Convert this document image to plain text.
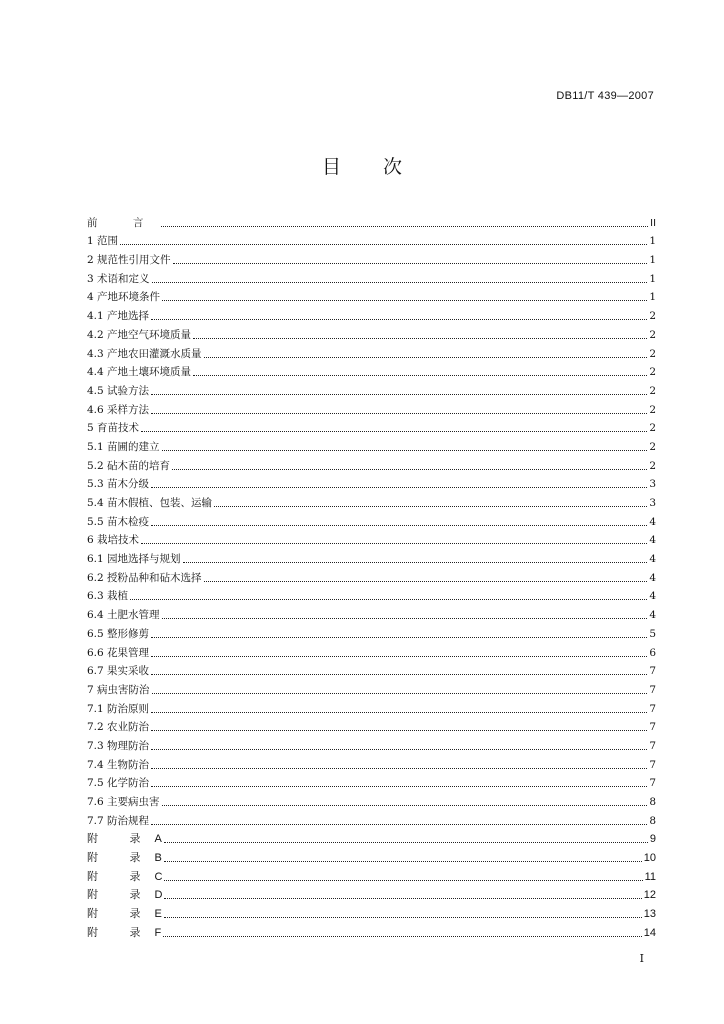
DB11/T 439—2007
目 次
前 言	II
1 范围	1
2 规范性引用文件	1
3 术语和定义	1
4 产地环境条件	1
4.1 产地选择	2
4.2 产地空气环境质量	2
4.3 产地农田灌溉水质量	2
4.4 产地土壤环境质量	2
4.5 试验方法	2
4.6 采样方法	2
5 育苗技术	2
5.1 苗圃的建立	2
5.2 砧木苗的培育	2
5.3 苗木分级	3
5.4 苗木假植、包装、运输	3
5.5 苗木检疫	4
6 栽培技术	4
6.1 园地选择与规划	4
6.2 授粉品种和砧木选择	4
6.3 栽植	4
6.4 土肥水管理	4
6.5 整形修剪	5
6.6 花果管理	6
6.7 果实采收	7
7 病虫害防治	7
7.1 防治原则	7
7.2 农业防治	7
7.3 物理防治	7
7.4 生物防治	7
7.5 化学防治	7
7.6 主要病虫害	8
7.7 防治规程	8
附 录A	9
附 录B	10
附 录C	11
附 录D	12
附 录E	13
附 录F	14
I
